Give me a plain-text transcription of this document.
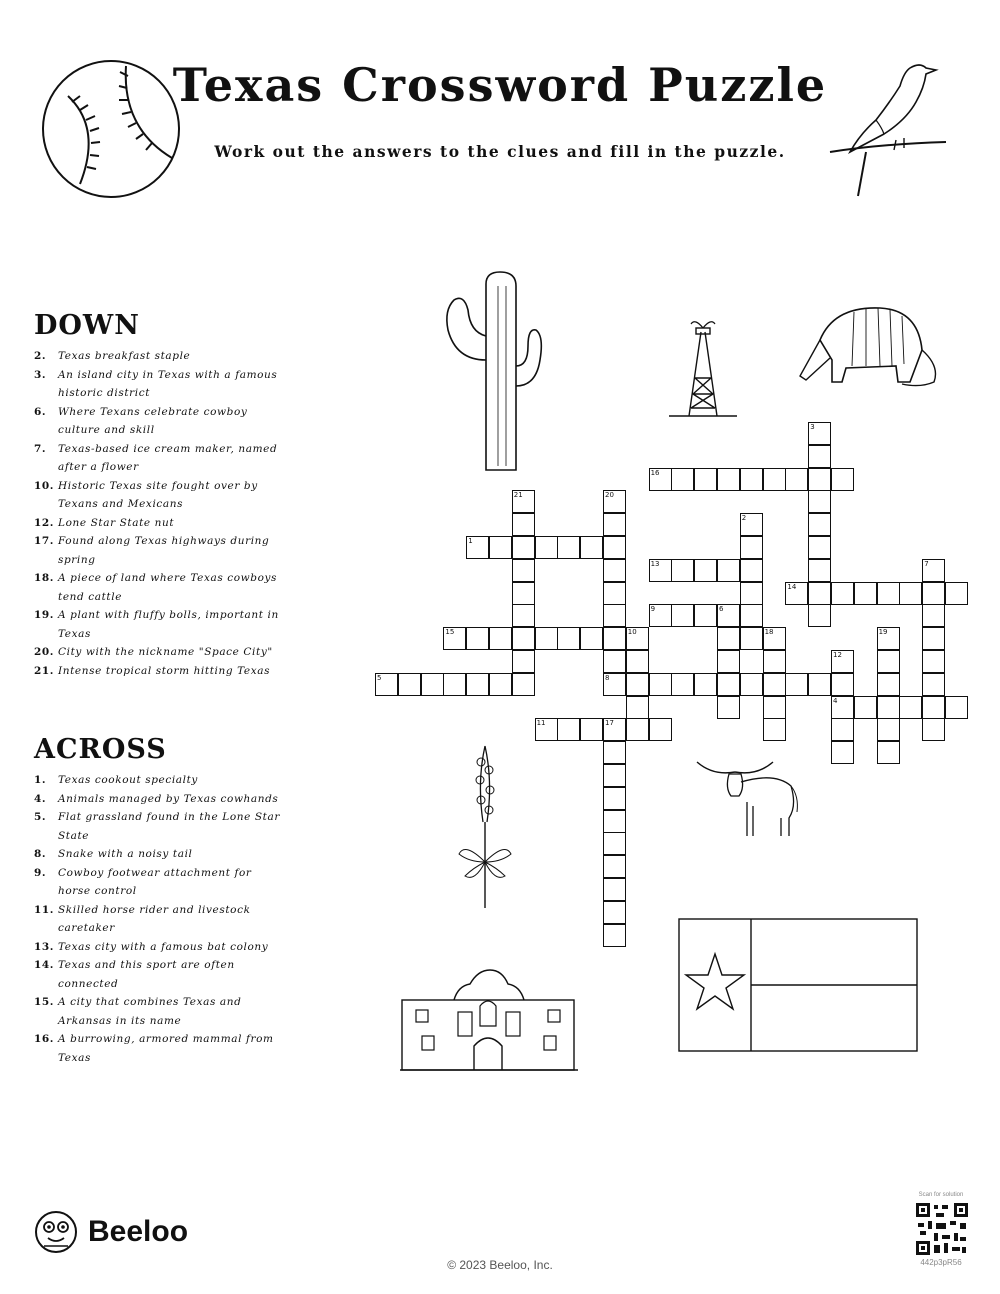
Texas Crossword Puzzle

Work out the answers to the clues and fill in the puzzle.

DOWN
2.	Texas breakfast staple
3.	An island city in Texas with a famous historic district
6.	Where Texans celebrate cowboy culture and skill
7.	Texas-based ice cream maker, named after a flower
10. Historic Texas site fought over by Texans and Mexicans
12. Lone Star State nut
17. Found along Texas highways during spring
18. A piece of land where Texas cowboys tend cattle
19. A plant with fluffy bolls, important in Texas
20. City with the nickname "Space City"
21. Intense tropical storm hitting Texas
ACROSS
1.	Texas cookout specialty
4.	Animals managed by Texas cowhands
5.	Flat grassland found in the Lone Star State
8.	Snake with a noisy tail
9.	Cowboy footwear attachment for horse control
11. Skilled horse rider and livestock caretaker
13. Texas city with a famous bat colony
14. Texas and this sport are often connected
15. A city that combines Texas and Arkansas in its name
16. A burrowing, armored mammal from Texas
1
2
3
4
5
6
7
8
9
10
11	17
12
13
14
15
16
18	19
20
21
Beeloo
© 2023 Beeloo, Inc.
Scan for solution
442p3pR56
